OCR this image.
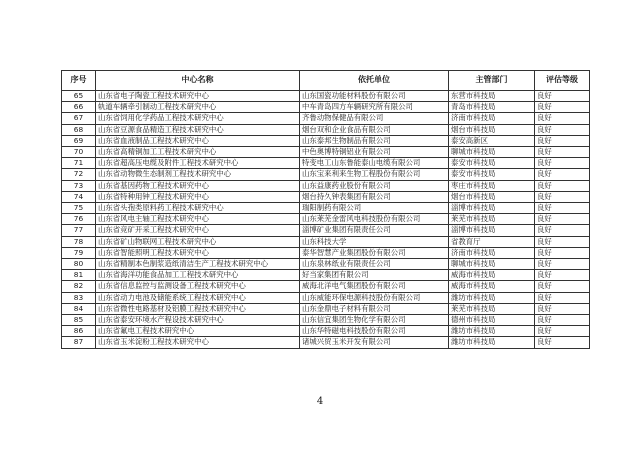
序号	中心名称	依托单位	主管部门	评估等级
65	山东省电子陶瓷工程技术研究中心	山东国瓷功能材料股份有限公司	东营市科技局	良好
66	轨道车辆牵引制动工程技术研究中心	中车青岛四方车辆研究所有限公司	青岛市科技局	良好
67	山东省饲用化学药品工程技术研究中心	齐鲁动物保健品有限公司	济南市科技局	良好
68	山东省豆源食品精造工程技术研究中心	烟台双和企业食品有限公司	烟台市科技局	良好
69	山东省血液制品工程技术研究中心	山东泰邦生物制品有限公司	泰安高新区	良好
70	山东省高精铜加工工程技术研究中心	中色奥博特铜铝业有限公司	聊城市科技局	良好
71	山东省超高压电缆及附件工程技术研究中心	特变电工山东鲁能泰山电缆有限公司	泰安市科技局	良好
72	山东省动物微生态制剂工程技术研究中心	山东宝来利来生物工程股份有限公司	泰安市科技局	良好
73	山东省基因药物工程技术研究中心	山东益康药业股份有限公司	枣庄市科技局	良好
74	山东省特种用钟工程技术研究中心	烟台持久钟表集团有限公司	烟台市科技局	良好
75	山东省头孢类原料药工程技术研究中心	瑞阳制药有限公司	淄博市科技局	良好
76	山东省风电主轴工程技术研究中心	山东莱芜金雷风电科技股份有限公司	莱芜市科技局	良好
77	山东省竞矿开采工程技术研究中心	淄博矿业集团有限责任公司	淄博市科技局	良好
78	山东省矿山物联网工程技术研究中心	山东科技大学	省教育厅	良好
79	山东省智能照明工程技术研究中心	泰华智慧产业集团股份有限公司	济南市科技局	良好
80	山东省精制本色制浆造纸清洁生产工程技术研究中心	山东泉林纸业有限责任公司	聊城市科技局	良好
81	山东省海洋功能食品加工工程技术研究中心	好当家集团有限公司	威海市科技局	良好
82	山东省信息监控与监测设备工程技术研究中心	威海北洋电气集团股份有限公司	威海市科技局	良好
83	山东省动力电池及储能系统工程技术研究中心	山东威能环保电源科技股份有限公司	潍坊市科技局	良好
84	山东省微性电路基材及铝膜工程技术研究中心	山东金鼎电子材料有限公司	莱芜市科技局	良好
85	山东省泰安环境水产程设技术研究中心	山东信宜集团生物化学有限公司	德州市科技局	良好
86	山东省氟电工程技术研究中心	山东华特磁电科技股份有限公司	潍坊市科技局	良好
87	山东省玉米淀粉工程技术研究中心	诸城兴贸玉米开发有限公司	潍坊市科技局	良好
4
